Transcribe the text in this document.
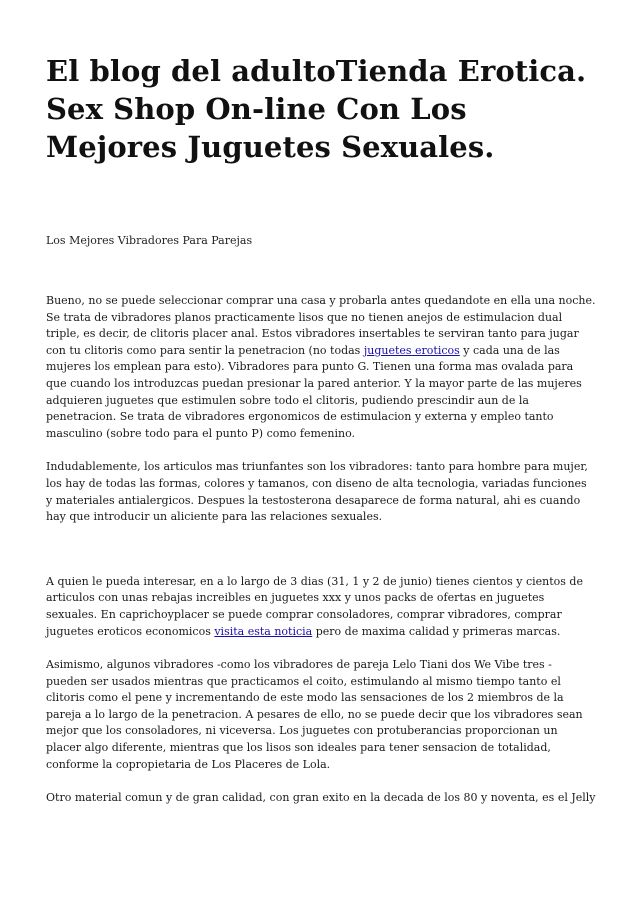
El blog del adultoTienda Erotica. Sex Shop On-line Con Los Mejores Juguetes Sexuales.

Los Mejores Vibradores Para Parejas

Bueno, no se puede seleccionar comprar una casa y probarla antes quedandote en ella una noche. Se trata de vibradores planos practicamente lisos que no tienen anejos de estimulacion dual triple, es decir, de clitoris placer anal. Estos vibradores insertables te serviran tanto para jugar con tu clitoris como para sentir la penetracion (no todas juguetes eroticos y cada una de las mujeres los emplean para esto). Vibradores para punto G. Tienen una forma mas ovalada para que cuando los introduzcas puedan presionar la pared anterior. Y la mayor parte de las mujeres adquieren juguetes que estimulen sobre todo el clitoris, pudiendo prescindir aun de la penetracion. Se trata de vibradores ergonomicos de estimulacion y externa y empleo tanto masculino (sobre todo para el punto P) como femenino.

Indudablemente, los articulos mas triunfantes son los vibradores: tanto para hombre para mujer, los hay de todas las formas, colores y tamanos, con diseno de alta tecnologia, variadas funciones y materiales antialergicos. Despues la testosterona desaparece de forma natural, ahi es cuando hay que introducir un aliciente para las relaciones sexuales.

A quien le pueda interesar, en a lo largo de 3 dias (31, 1 y 2 de junio) tienes cientos y cientos de articulos con unas rebajas increibles en juguetes xxx y unos packs de ofertas en juguetes sexuales. En caprichoyplacer se puede comprar consoladores, comprar vibradores, comprar juguetes eroticos economicos visita esta noticia pero de maxima calidad y primeras marcas.

Asimismo, algunos vibradores -como los vibradores de pareja Lelo Tiani dos We Vibe tres - pueden ser usados mientras que practicamos el coito, estimulando al mismo tiempo tanto el clitoris como el pene y incrementando de este modo las sensaciones de los 2 miembros de la pareja a lo largo de la penetracion. A pesares de ello, no se puede decir que los vibradores sean mejor que los consoladores, ni viceversa. Los juguetes con protuberancias proporcionan un placer algo diferente, mientras que los lisos son ideales para tener sensacion de totalidad, conforme la copropietaria de Los Placeres de Lola.

Otro material comun y de gran calidad, con gran exito en la decada de los 80 y noventa, es el Jelly
